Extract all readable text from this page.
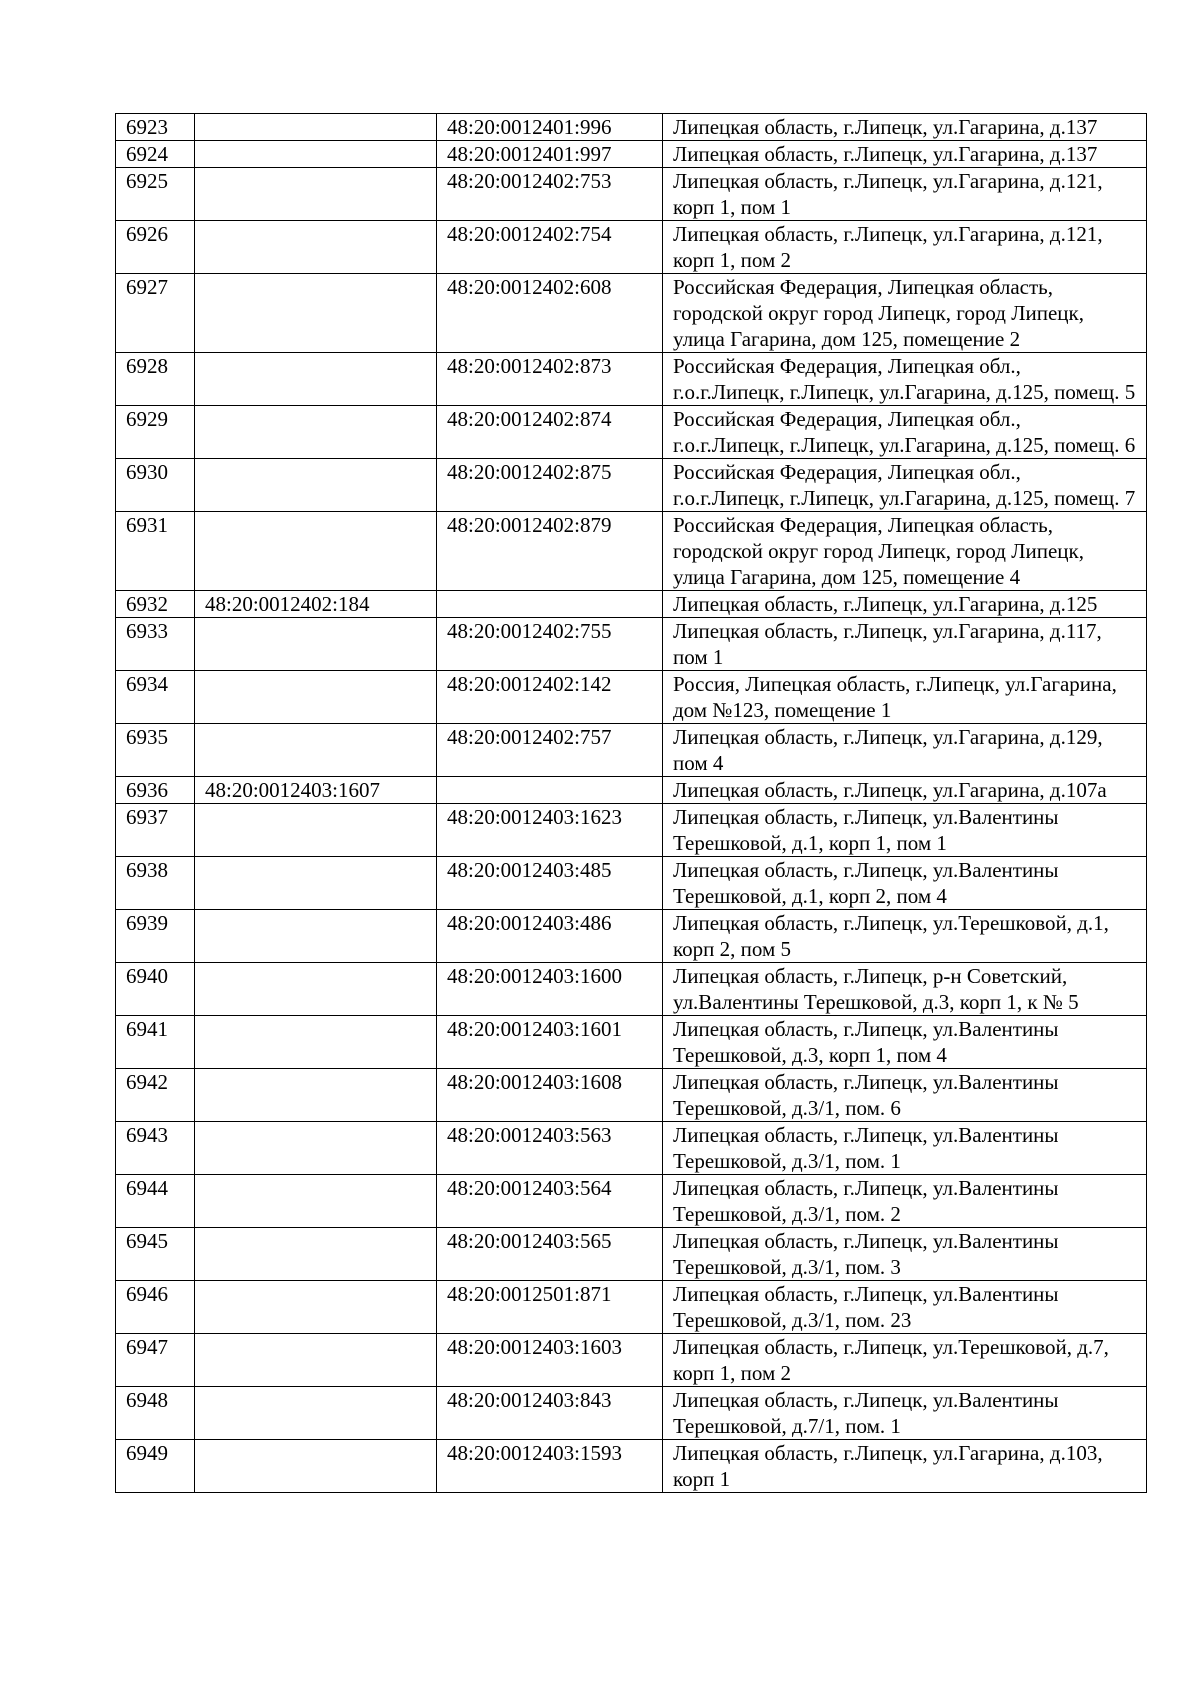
6923		48:20:0012401:996	Липецкая область, г.Липецк, ул.Гагарина, д.137
6924		48:20:0012401:997	Липецкая область, г.Липецк, ул.Гагарина, д.137
6925		48:20:0012402:753	Липецкая область, г.Липецк, ул.Гагарина, д.121, корп 1, пом 1
6926		48:20:0012402:754	Липецкая область, г.Липецк, ул.Гагарина, д.121, корп 1, пом 2
6927		48:20:0012402:608	Российская Федерация, Липецкая область, городской округ город Липецк, город Липецк, улица Гагарина, дом 125, помещение 2
6928		48:20:0012402:873	Российская Федерация, Липецкая обл., г.о.г.Липецк, г.Липецк, ул.Гагарина, д.125, помещ. 5
6929		48:20:0012402:874	Российская Федерация, Липецкая обл., г.о.г.Липецк, г.Липецк, ул.Гагарина, д.125, помещ. 6
6930		48:20:0012402:875	Российская Федерация, Липецкая обл., г.о.г.Липецк, г.Липецк, ул.Гагарина, д.125, помещ. 7
6931		48:20:0012402:879	Российская Федерация, Липецкая область, городской округ город Липецк, город Липецк, улица Гагарина, дом 125, помещение 4
6932	48:20:0012402:184		Липецкая область, г.Липецк, ул.Гагарина, д.125
6933		48:20:0012402:755	Липецкая область, г.Липецк, ул.Гагарина, д.117, пом 1
6934		48:20:0012402:142	Россия, Липецкая область, г.Липецк, ул.Гагарина, дом №123, помещение 1
6935		48:20:0012402:757	Липецкая область, г.Липецк, ул.Гагарина, д.129, пом 4
6936	48:20:0012403:1607		Липецкая область, г.Липецк, ул.Гагарина, д.107а
6937		48:20:0012403:1623	Липецкая область, г.Липецк, ул.Валентины Терешковой, д.1, корп 1, пом 1
6938		48:20:0012403:485	Липецкая область, г.Липецк, ул.Валентины Терешковой, д.1, корп 2, пом 4
6939		48:20:0012403:486	Липецкая область, г.Липецк, ул.Терешковой, д.1, корп 2, пом 5
6940		48:20:0012403:1600	Липецкая область, г.Липецк, р-н Советский, ул.Валентины Терешковой, д.3, корп 1, к № 5
6941		48:20:0012403:1601	Липецкая область, г.Липецк, ул.Валентины Терешковой, д.3, корп 1, пом 4
6942		48:20:0012403:1608	Липецкая область, г.Липецк, ул.Валентины Терешковой, д.3/1, пом. 6
6943		48:20:0012403:563	Липецкая область, г.Липецк, ул.Валентины Терешковой, д.3/1, пом. 1
6944		48:20:0012403:564	Липецкая область, г.Липецк, ул.Валентины Терешковой, д.3/1, пом. 2
6945		48:20:0012403:565	Липецкая область, г.Липецк, ул.Валентины Терешковой, д.3/1, пом. 3
6946		48:20:0012501:871	Липецкая область, г.Липецк, ул.Валентины Терешковой, д.3/1, пом. 23
6947		48:20:0012403:1603	Липецкая область, г.Липецк, ул.Терешковой, д.7, корп 1, пом 2
6948		48:20:0012403:843	Липецкая область, г.Липецк, ул.Валентины Терешковой, д.7/1, пом. 1
6949		48:20:0012403:1593	Липецкая область, г.Липецк, ул.Гагарина, д.103, корп 1
